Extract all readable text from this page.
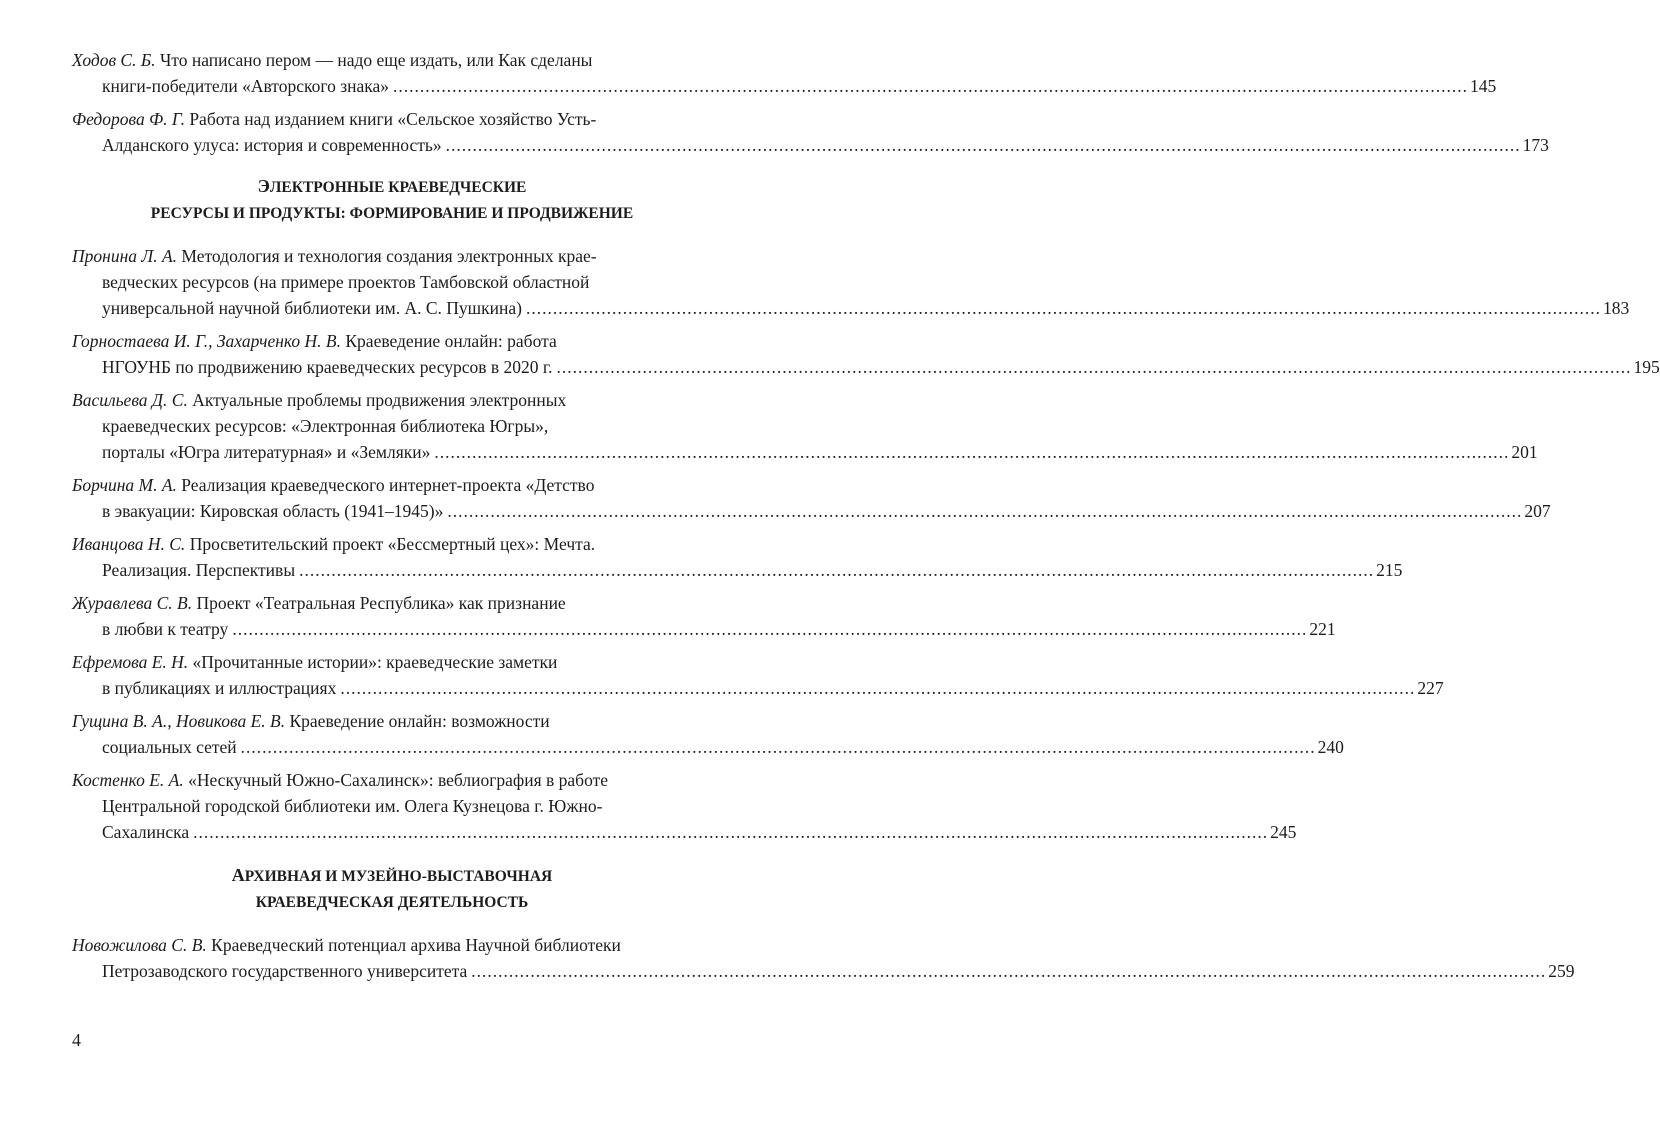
Ходов С. Б. Что написано пером — надо еще издать, или Как сделаны
книги-победители «Авторского знака» ........................................................................................................................................................................................................ 145
Федорова Ф. Г. Работа над изданием книги «Сельское хозяйство Усть-
Алданского улуса: история и современность» ........................................................................................................................................................................................................ 173
ЭЛЕКТРОННЫЕ КРАЕВЕДЧЕСКИЕ
РЕСУРСЫ И ПРОДУКТЫ: ФОРМИРОВАНИЕ И ПРОДВИЖЕНИЕ
Пронина Л. А. Методология и технология создания электронных крае-
ведческих ресурсов (на примере проектов Тамбовской областной
универсальной научной библиотеки им. А. С. Пушкина) ........................................................................................................................................................................................................ 183
Горностаева И. Г., Захарченко Н. В. Краеведение онлайн: работа
НГОУНБ по продвижению краеведческих ресурсов в 2020 г. ........................................................................................................................................................................................................ 195
Васильева Д. С. Актуальные проблемы продвижения электронных
краеведческих ресурсов: «Электронная библиотека Югры»,
порталы «Югра литературная» и «Земляки» ........................................................................................................................................................................................................ 201
Борчина М. А. Реализация краеведческого интернет-проекта «Детство
в эвакуации: Кировская область (1941–1945)» ........................................................................................................................................................................................................ 207
Иванцова Н. С. Просветительский проект «Бессмертный цех»: Мечта.
Реализация. Перспективы ........................................................................................................................................................................................................ 215
Журавлева С. В. Проект «Театральная Республика» как признание
в любви к театру ........................................................................................................................................................................................................ 221
Ефремова Е. Н. «Прочитанные истории»: краеведческие заметки
в публикациях и иллюстрациях ........................................................................................................................................................................................................ 227
Гущина В. А., Новикова Е. В. Краеведение онлайн: возможности
социальных сетей ........................................................................................................................................................................................................ 240
Костенко Е. А. «Нескучный Южно-Сахалинск»: веблиография в работе
Центральной городской библиотеки им. Олега Кузнецова г. Южно-
Сахалинска ........................................................................................................................................................................................................ 245
АРХИВНАЯ И МУЗЕЙНО-ВЫСТАВОЧНАЯ
КРАЕВЕДЧЕСКАЯ ДЕЯТЕЛЬНОСТЬ
Новожилова С. В. Краеведческий потенциал архива Научной библиотеки
Петрозаводского государственного университета ........................................................................................................................................................................................................ 259
4
